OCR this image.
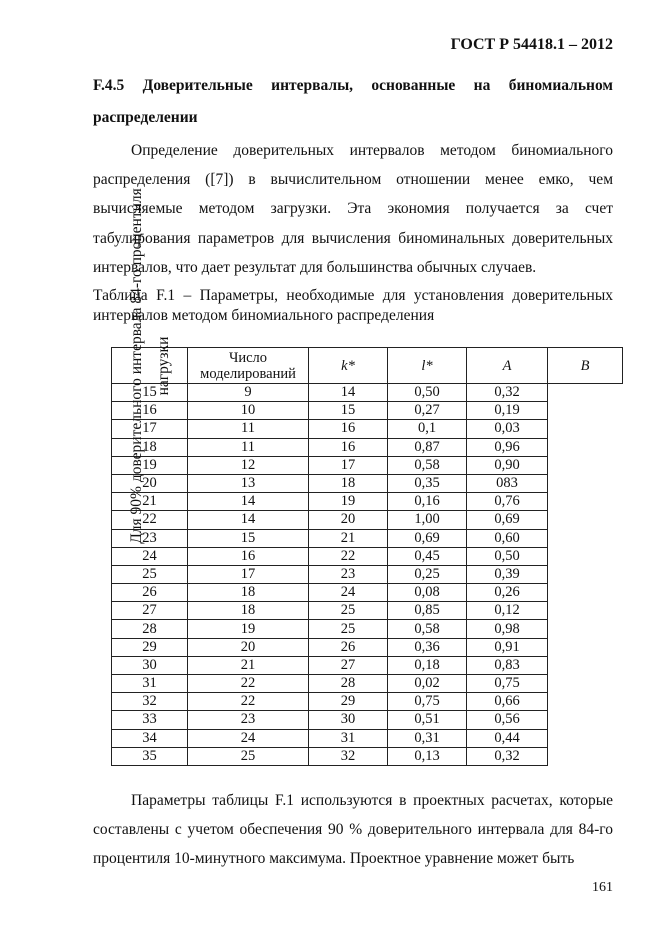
ГОСТ Р 54418.1 – 2012
F.4.5 Доверительные интервалы, основанные на биномиальном распределении
Определение доверительных интервалов методом биномиального распределения ([7]) в вычислительном отношении менее емко, чем вычисляемые методом загрузки. Эта экономия получается за счет табулирования параметров для вычисления биноминальных доверительных интервалов, что дает результат для большинства обычных случаев.
Таблица F.1 – Параметры, необходимые для установления доверительных интервалов методом биномиального распределения
Для 90% доверительного интервала 84-го процентиля нагрузки	Число моделирований	k*	l*	A	B
15	9	14	0,50	0,32	
16	10	15	0,27	0,19	
17	11	16	0,1	0,03	
18	11	16	0,87	0,96	
19	12	17	0,58	0,90	
20	13	18	0,35	083	
21	14	19	0,16	0,76	
22	14	20	1,00	0,69	
23	15	21	0,69	0,60	
24	16	22	0,45	0,50	
25	17	23	0,25	0,39	
26	18	24	0,08	0,26	
27	18	25	0,85	0,12	
28	19	25	0,58	0,98	
29	20	26	0,36	0,91	
30	21	27	0,18	0,83	
31	22	28	0,02	0,75	
32	22	29	0,75	0,66	
33	23	30	0,51	0,56	
34	24	31	0,31	0,44	
35	25	32	0,13	0,32	
Параметры таблицы F.1 используются в проектных расчетах, которые составлены с учетом обеспечения 90 % доверительного интервала для 84-го процентиля 10-минутного максимума. Проектное уравнение может быть
161
